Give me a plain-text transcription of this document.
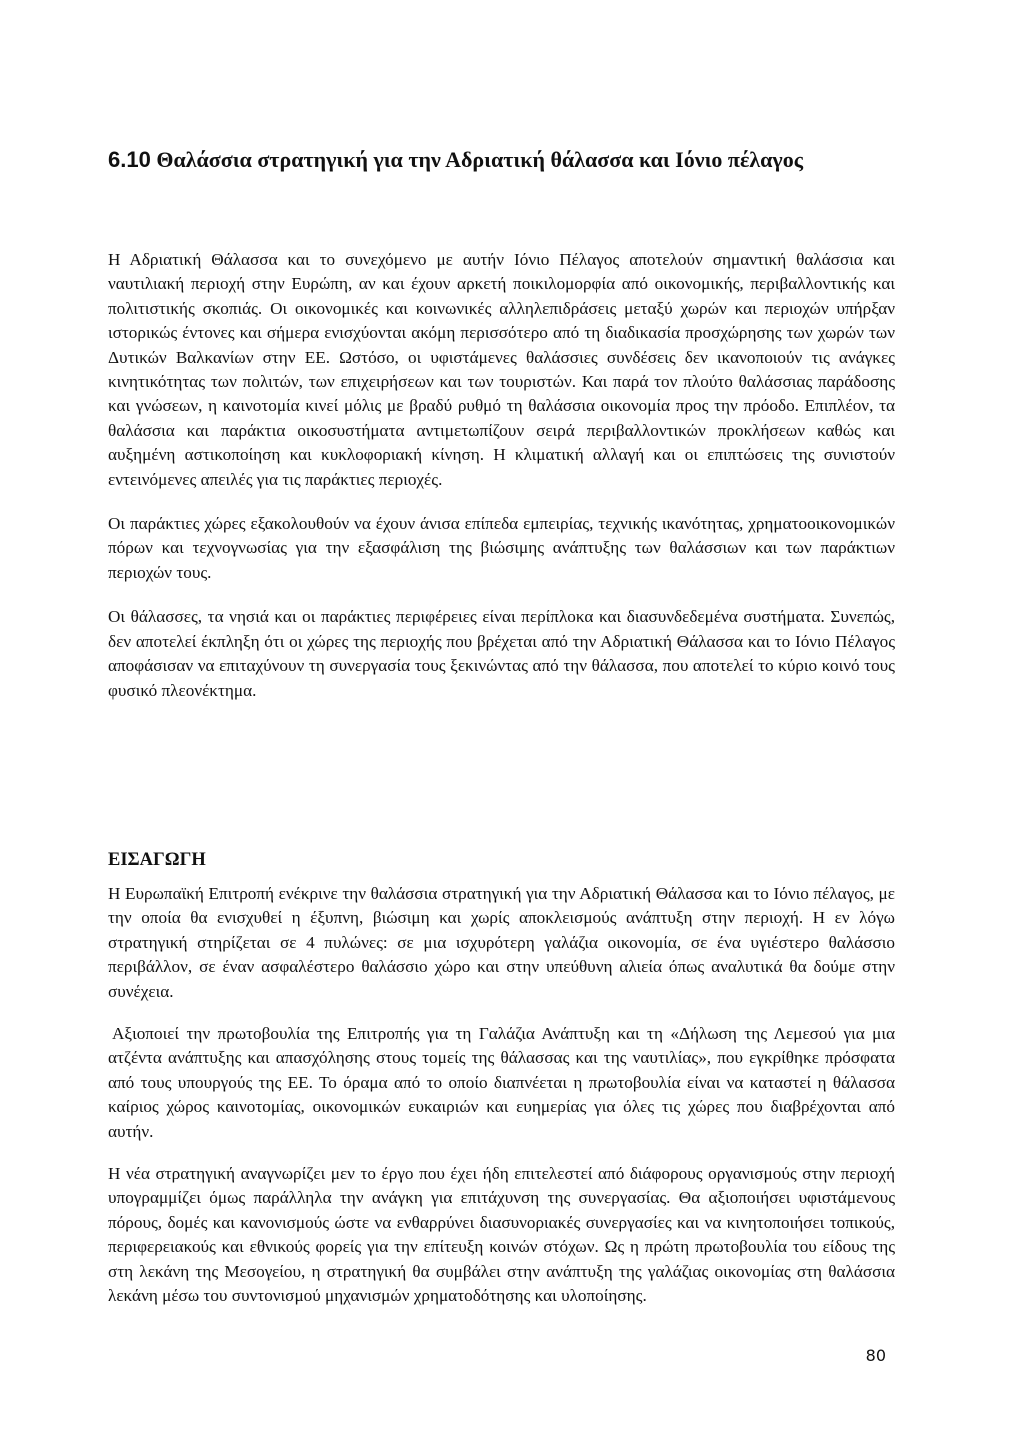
6.10 Θαλάσσια στρατηγική για την Αδριατική θάλασσα και Ιόνιο πέλαγος

Η Αδριατική Θάλασσα και το συνεχόμενο με αυτήν Ιόνιο Πέλαγος αποτελούν σημαντική θαλάσσια και ναυτιλιακή περιοχή στην Ευρώπη, αν και έχουν αρκετή ποικιλομορφία από οικονομικής, περιβαλλοντικής και πολιτιστικής σκοπιάς. Οι οικονομικές και κοινωνικές αλληλεπιδράσεις μεταξύ χωρών και περιοχών υπήρξαν ιστορικώς έντονες και σήμερα ενισχύονται ακόμη περισσότερο από τη διαδικασία προσχώρησης των χωρών των Δυτικών Βαλκανίων στην ΕΕ. Ωστόσο, οι υφιστάμενες θαλάσσιες συνδέσεις δεν ικανοποιούν τις ανάγκες κινητικότητας των πολιτών, των επιχειρήσεων και των τουριστών. Και παρά τον πλούτο θαλάσσιας παράδοσης και γνώσεων, η καινοτομία κινεί μόλις με βραδύ ρυθμό τη θαλάσσια οικονομία προς την πρόοδο. Επιπλέον, τα θαλάσσια και παράκτια οικοσυστήματα αντιμετωπίζουν σειρά περιβαλλοντικών προκλήσεων καθώς και αυξημένη αστικοποίηση και κυκλοφοριακή κίνηση. Η κλιματική αλλαγή και οι επιπτώσεις της συνιστούν εντεινόμενες απειλές για τις παράκτιες περιοχές.

Οι παράκτιες χώρες εξακολουθούν να έχουν άνισα επίπεδα εμπειρίας, τεχνικής ικανότητας, χρηματοοικονομικών πόρων και τεχνογνωσίας για την εξασφάλιση της βιώσιμης ανάπτυξης των θαλάσσιων και των παράκτιων περιοχών τους.

Οι θάλασσες, τα νησιά και οι παράκτιες περιφέρειες είναι περίπλοκα και διασυνδεδεμένα συστήματα. Συνεπώς, δεν αποτελεί έκπληξη ότι οι χώρες της περιοχής που βρέχεται από την Αδριατική Θάλασσα και το Ιόνιο Πέλαγος αποφάσισαν να επιταχύνουν τη συνεργασία τους ξεκινώντας από την θάλασσα, που αποτελεί το κύριο κοινό τους φυσικό πλεονέκτημα.

ΕΙΣΑΓΩΓΗ

Η Ευρωπαϊκή Επιτροπή ενέκρινε την θαλάσσια στρατηγική για την Αδριατική Θάλασσα και το Ιόνιο πέλαγος, με την οποία θα ενισχυθεί η έξυπνη, βιώσιμη και χωρίς αποκλεισμούς ανάπτυξη στην περιοχή. Η εν λόγω στρατηγική στηρίζεται σε 4 πυλώνες: σε μια ισχυρότερη γαλάζια οικονομία, σε ένα υγιέστερο θαλάσσιο περιβάλλον, σε έναν ασφαλέστερο θαλάσσιο χώρο και στην υπεύθυνη αλιεία όπως αναλυτικά θα δούμε στην συνέχεια.

Αξιοποιεί την πρωτοβουλία της Επιτροπής για τη Γαλάζια Ανάπτυξη και τη «Δήλωση της Λεμεσού για μια ατζέντα ανάπτυξης και απασχόλησης στους τομείς της θάλασσας και της ναυτιλίας», που εγκρίθηκε πρόσφατα από τους υπουργούς της ΕΕ. Το όραμα από το οποίο διαπνέεται η πρωτοβουλία είναι να καταστεί η θάλασσα καίριος χώρος καινοτομίας, οικονομικών ευκαιριών και ευημερίας για όλες τις χώρες που διαβρέχονται από αυτήν.

Η νέα στρατηγική αναγνωρίζει μεν το έργο που έχει ήδη επιτελεστεί από διάφορους οργανισμούς στην περιοχή υπογραμμίζει όμως παράλληλα την ανάγκη για επιτάχυνση της συνεργασίας. Θα αξιοποιήσει υφιστάμενους πόρους, δομές και κανονισμούς ώστε να ενθαρρύνει διασυνοριακές συνεργασίες και να κινητοποιήσει τοπικούς, περιφερειακούς και εθνικούς φορείς για την επίτευξη κοινών στόχων. Ως η πρώτη πρωτοβουλία του είδους της στη λεκάνη της Μεσογείου, η στρατηγική θα συμβάλει στην ανάπτυξη της γαλάζιας οικονομίας στη θαλάσσια λεκάνη μέσω του συντονισμού μηχανισμών χρηματοδότησης και υλοποίησης.

80
